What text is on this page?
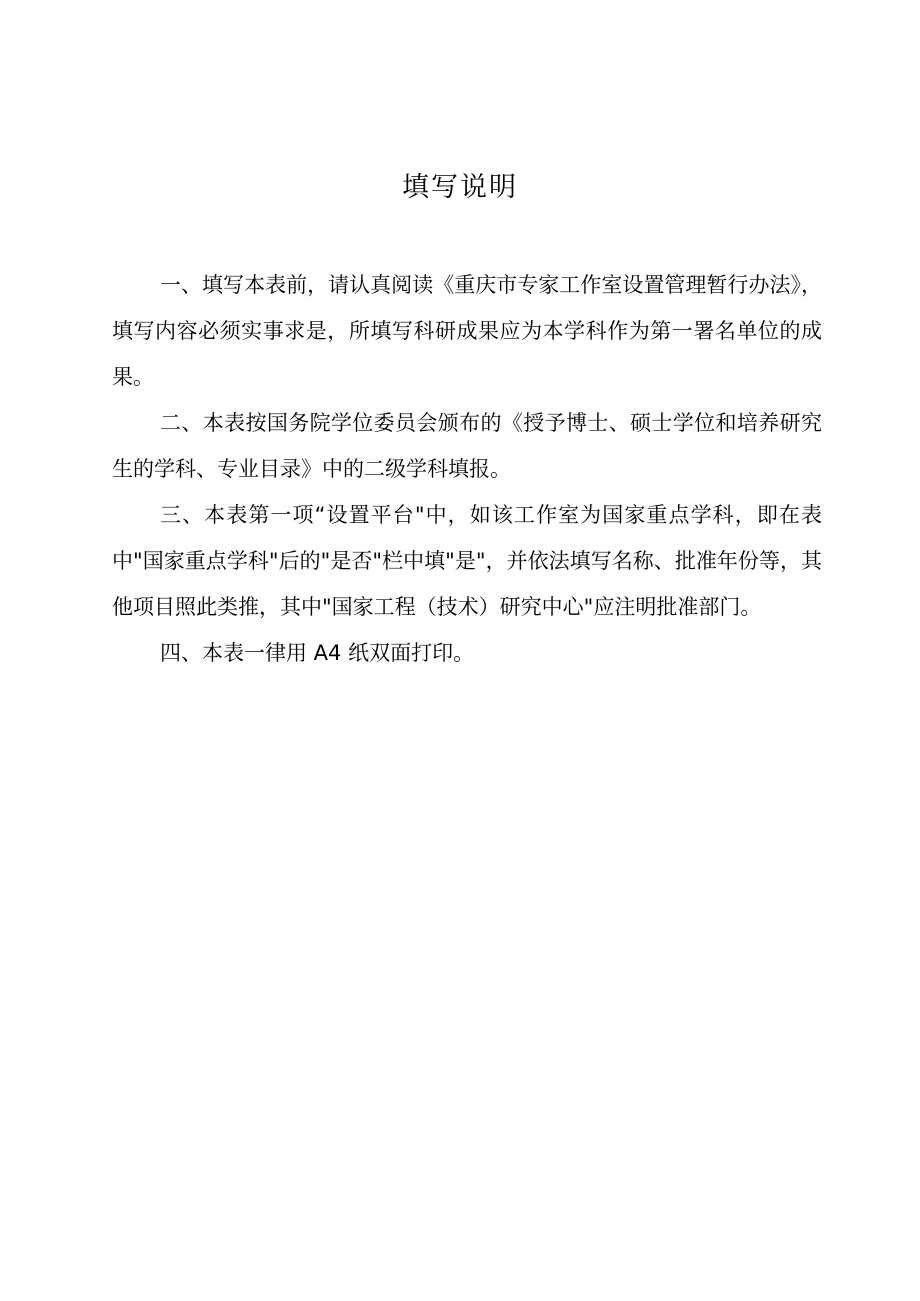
填写说明

一、填写本表前，请认真阅读《重庆市专家工作室设置管理暂行办法》，填写内容必须实事求是，所填写科研成果应为本学科作为第一署名单位的成果。

二、本表按国务院学位委员会颁布的《授予博士、硕士学位和培养研究生的学科、专业目录》中的二级学科填报。

三、本表第一项“设置平台"中，如该工作室为国家重点学科，即在表中"国家重点学科"后的"是否"栏中填"是"，并依法填写名称、批准年份等，其他项目照此类推，其中"国家工程（技术）研究中心"应注明批准部门。

四、本表一律用 A4 纸双面打印。
